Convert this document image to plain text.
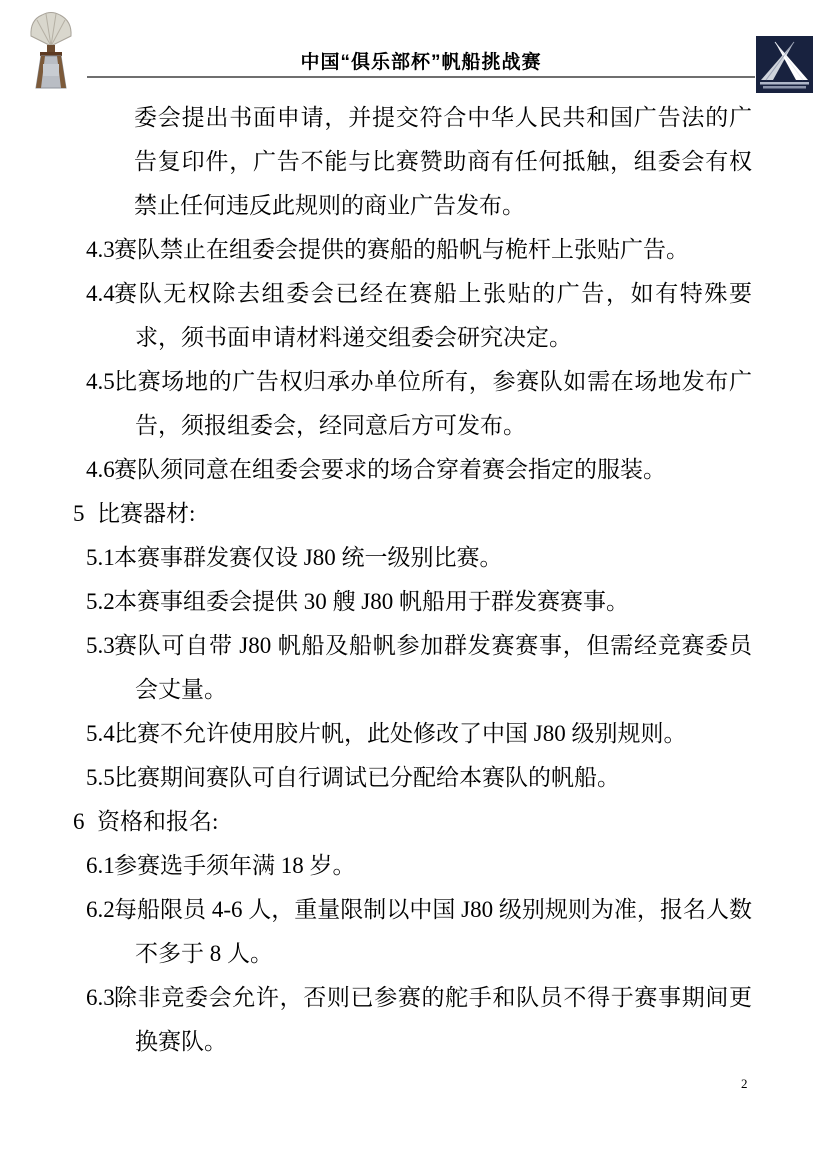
中国“俱乐部杯”帆船挑战赛
委会提出书面申请，并提交符合中华人民共和国广告法的广告复印件，广告不能与比赛赞助商有任何抵触，组委会有权禁止任何违反此规则的商业广告发布。
4.3 赛队禁止在组委会提供的赛船的船帆与桅杆上张贴广告。
4.4 赛队无权除去组委会已经在赛船上张贴的广告，如有特殊要求，须书面申请材料递交组委会研究决定。
4.5 比赛场地的广告权归承办单位所有，参赛队如需在场地发布广告，须报组委会，经同意后方可发布。
4.6 赛队须同意在组委会要求的场合穿着赛会指定的服装。
5 比赛器材:
5.1 本赛事群发赛仅设 J80 统一级别比赛。
5.2 本赛事组委会提供 30 艘 J80 帆船用于群发赛赛事。
5.3 赛队可自带 J80 帆船及船帆参加群发赛赛事，但需经竞赛委员会丈量。
5.4 比赛不允许使用胶片帆，此处修改了中国 J80 级别规则。
5.5 比赛期间赛队可自行调试已分配给本赛队的帆船。
6 资格和报名:
6.1 参赛选手须年满 18 岁。
6.2 每船限员 4-6 人，重量限制以中国 J80 级别规则为准，报名人数不多于 8 人。
6.3 除非竞委会允许，否则已参赛的舵手和队员不得于赛事期间更换赛队。
2
